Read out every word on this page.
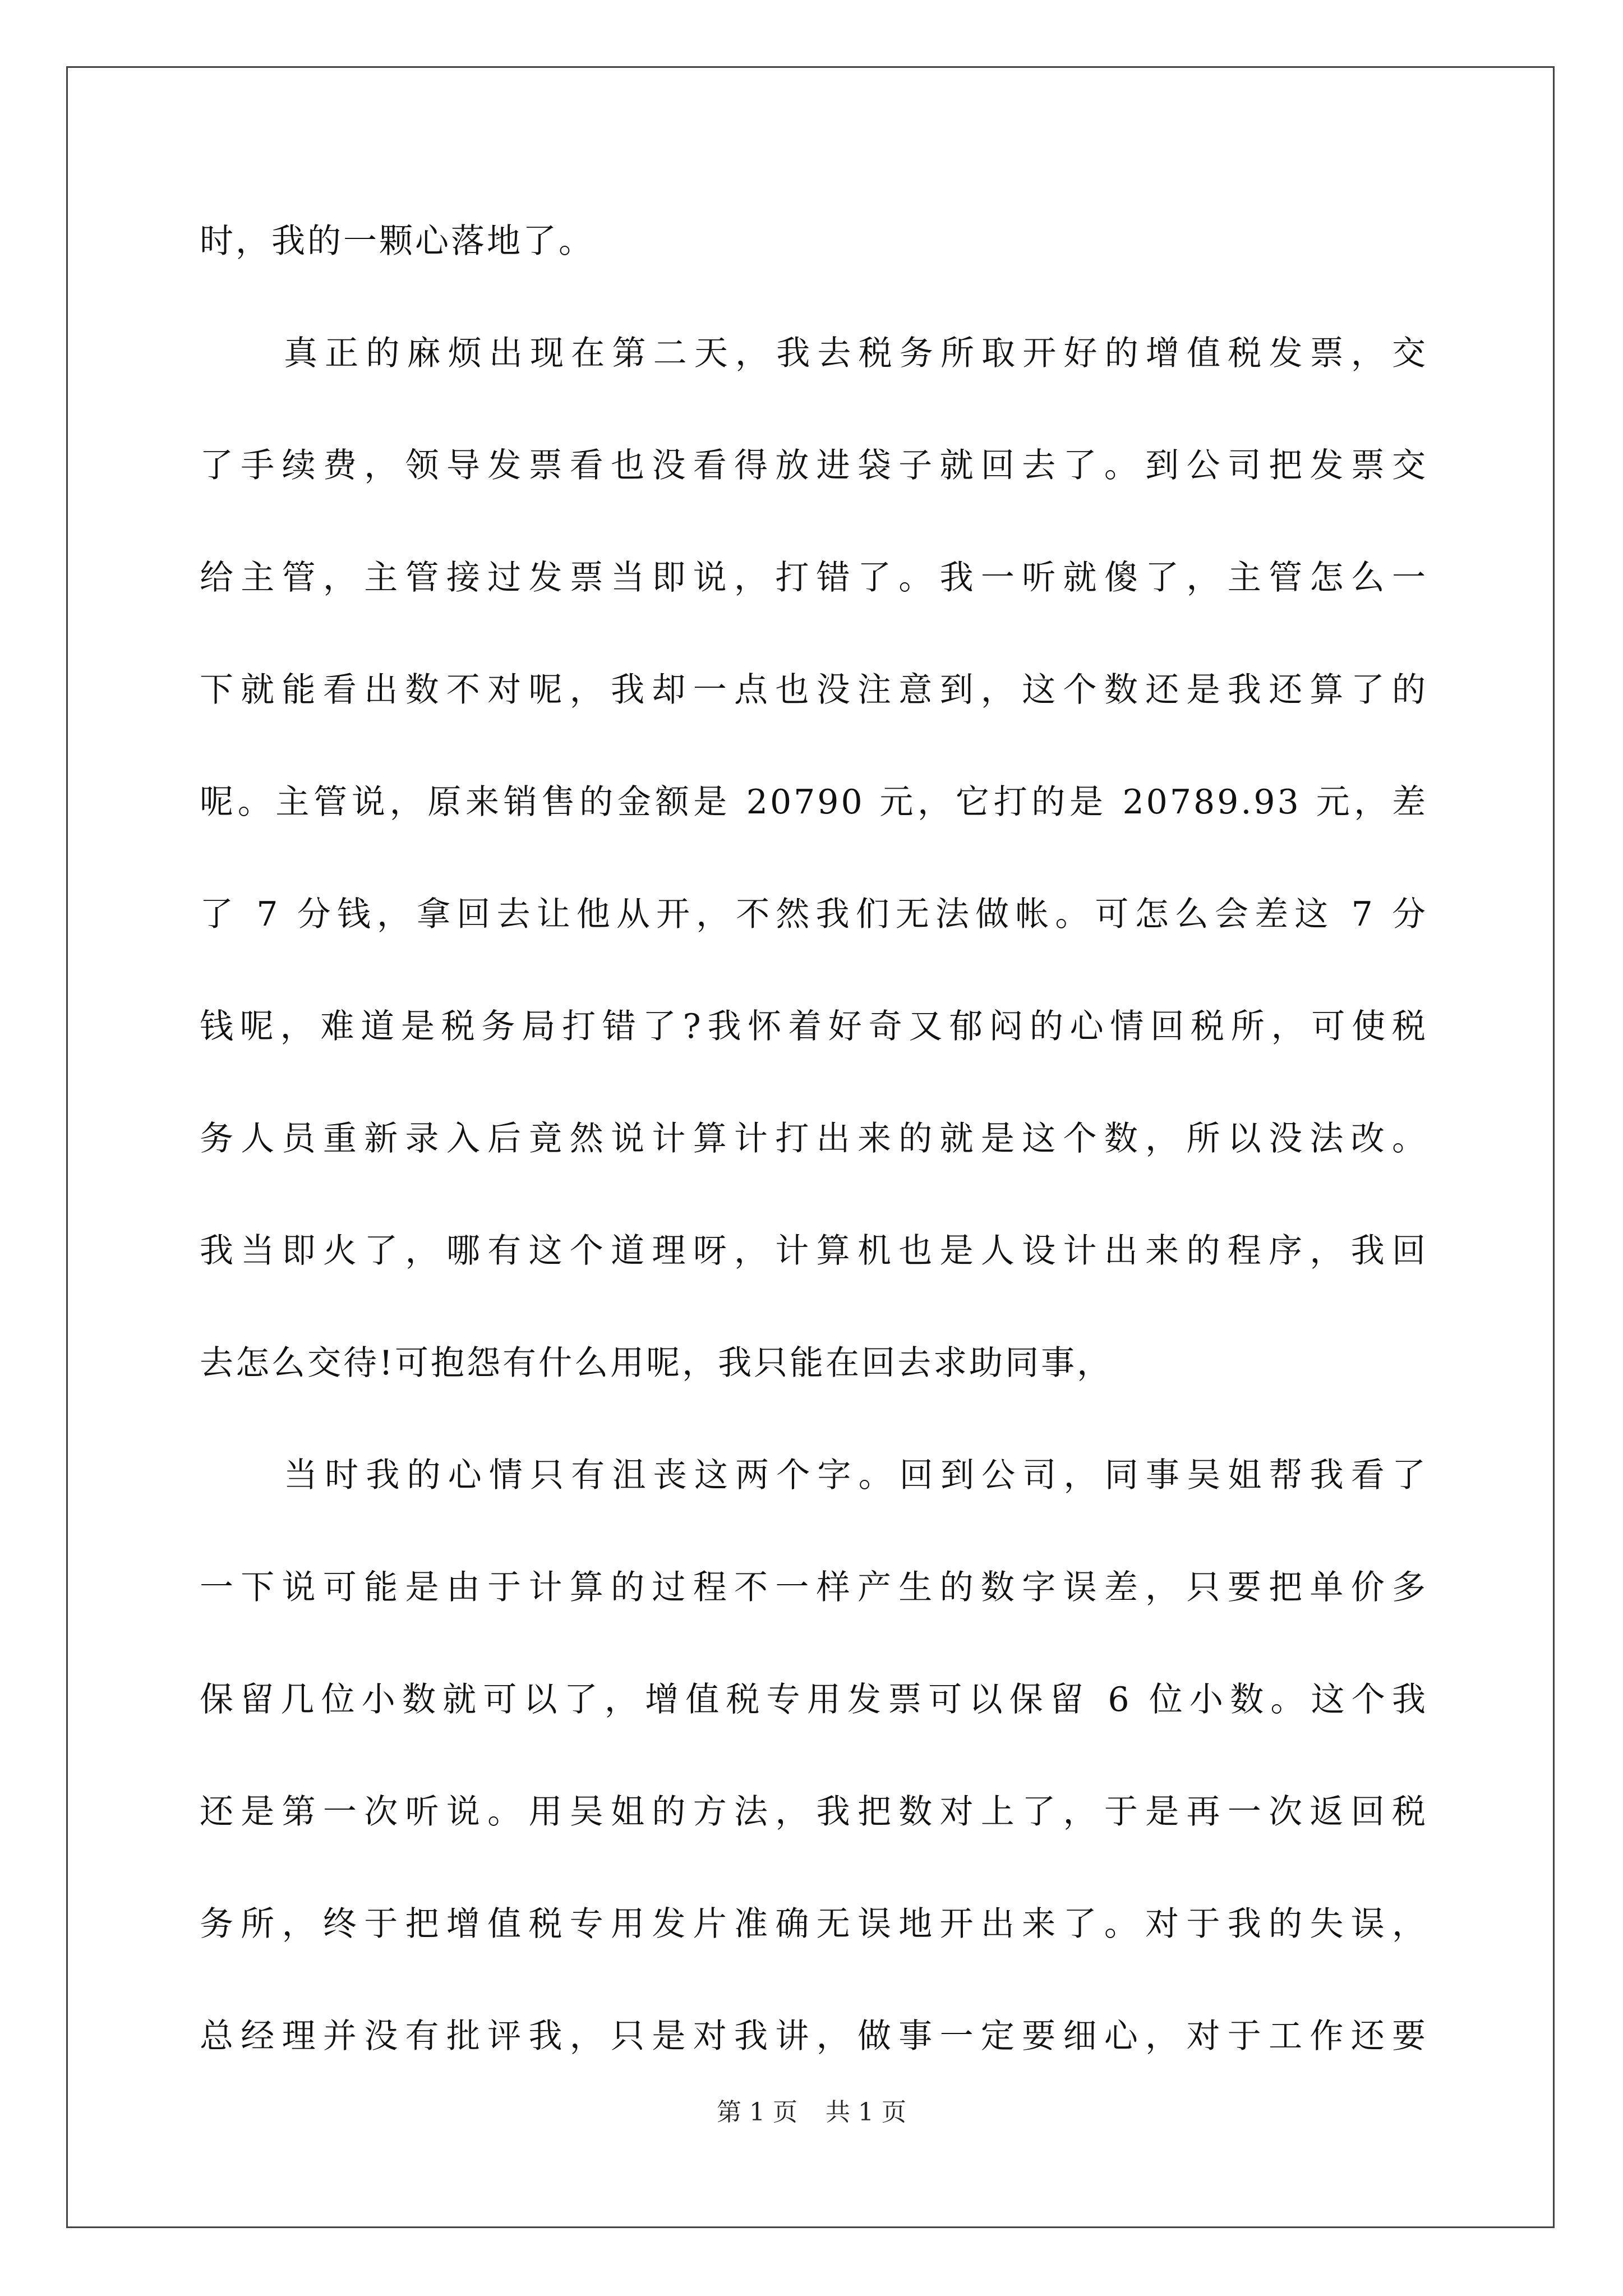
时，我的一颗心落地了。
真正的麻烦出现在第二天，我去税务所取开好的增值税发票，交
了手续费，领导发票看也没看得放进袋子就回去了。到公司把发票交
给主管，主管接过发票当即说，打错了。我一听就傻了，主管怎么一
下就能看出数不对呢，我却一点也没注意到，这个数还是我还算了的
呢。主管说，原来销售的金额是 20790 元，它打的是 20789.93 元，差
了 7 分钱，拿回去让他从开，不然我们无法做帐。可怎么会差这 7 分
钱呢，难道是税务局打错了?我怀着好奇又郁闷的心情回税所，可使税
务人员重新录入后竟然说计算计打出来的就是这个数，所以没法改。
我当即火了，哪有这个道理呀，计算机也是人设计出来的程序，我回
去怎么交待!可抱怨有什么用呢，我只能在回去求助同事，
当时我的心情只有沮丧这两个字。回到公司，同事吴姐帮我看了
一下说可能是由于计算的过程不一样产生的数字误差，只要把单价多
保留几位小数就可以了，增值税专用发票可以保留 6 位小数。这个我
还是第一次听说。用吴姐的方法，我把数对上了，于是再一次返回税
务所，终于把增值税专用发片准确无误地开出来了。对于我的失误，
总经理并没有批评我，只是对我讲，做事一定要细心，对于工作还要
第 1 页 共 1 页
